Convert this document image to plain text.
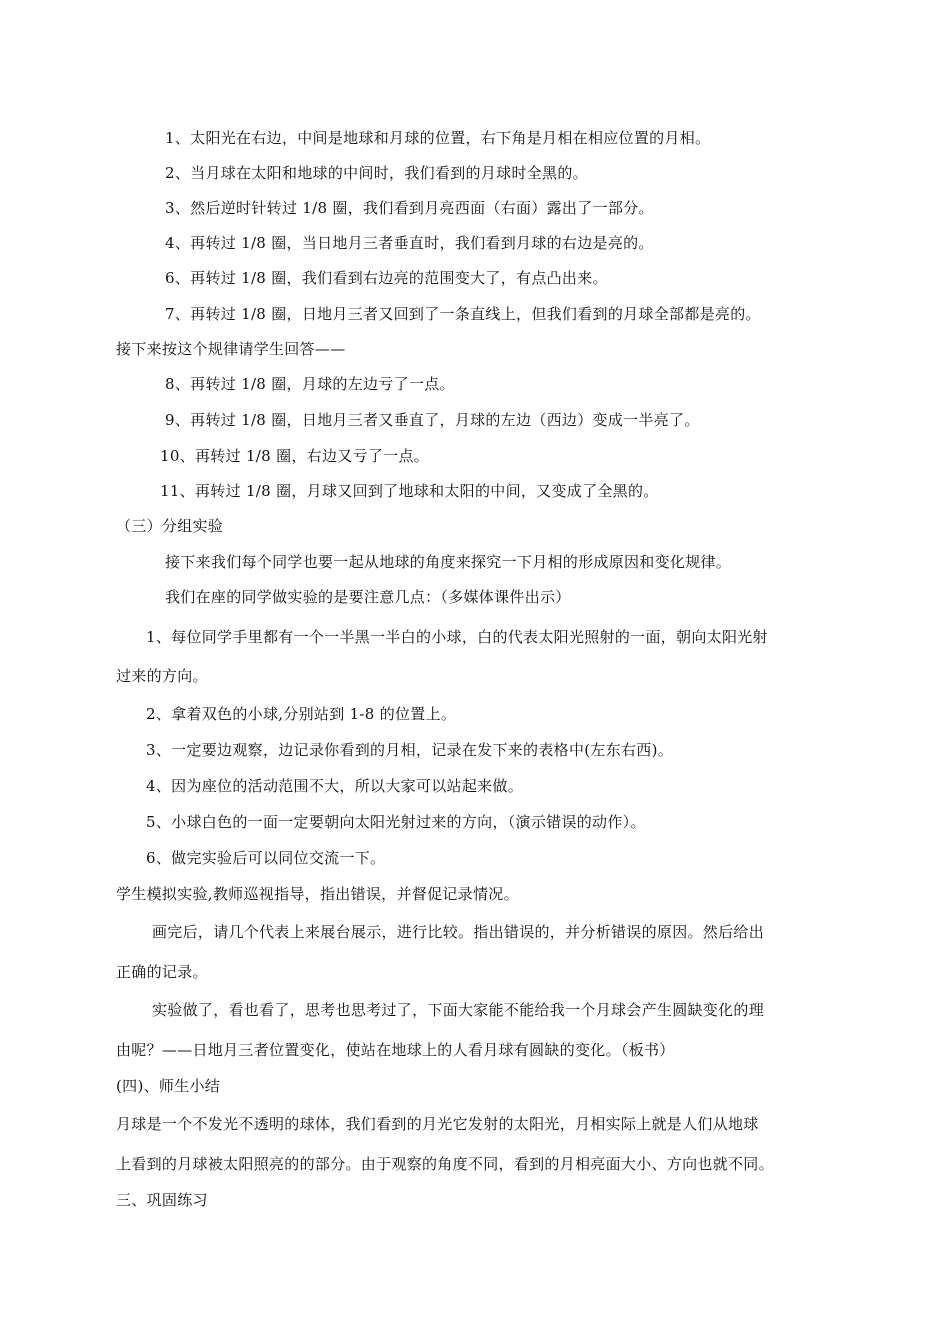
1、太阳光在右边，中间是地球和月球的位置，右下角是月相在相应位置的月相。
2、当月球在太阳和地球的中间时，我们看到的月球时全黑的。
3、然后逆时针转过 1/8 圈，我们看到月亮西面（右面）露出了一部分。
4、再转过 1/8 圈，当日地月三者垂直时，我们看到月球的右边是亮的。
6、再转过 1/8 圈，我们看到右边亮的范围变大了，有点凸出来。
7、再转过 1/8 圈，日地月三者又回到了一条直线上，但我们看到的月球全部都是亮的。
接下来按这个规律请学生回答——
8、再转过 1/8 圈，月球的左边亏了一点。
9、再转过 1/8 圈，日地月三者又垂直了，月球的左边（西边）变成一半亮了。
10、再转过 1/8 圈，右边又亏了一点。
11、再转过 1/8 圈，月球又回到了地球和太阳的中间，又变成了全黑的。
（三）分组实验
接下来我们每个同学也要一起从地球的角度来探究一下月相的形成原因和变化规律。
我们在座的同学做实验的是要注意几点：（多媒体课件出示）
1、每位同学手里都有一个一半黑一半白的小球，白的代表太阳光照射的一面，朝向太阳光射
过来的方向。
2、拿着双色的小球,分别站到 1-8 的位置上。
3、一定要边观察，边记录你看到的月相，记录在发下来的表格中(左东右西)。
4、因为座位的活动范围不大，所以大家可以站起来做。
5、小球白色的一面一定要朝向太阳光射过来的方向，（演示错误的动作）。
6、做完实验后可以同位交流一下。
学生模拟实验,教师巡视指导，指出错误，并督促记录情况。
画完后，请几个代表上来展台展示，进行比较。指出错误的，并分析错误的原因。然后给出
正确的记录。
实验做了，看也看了，思考也思考过了，下面大家能不能给我一个月球会产生圆缺变化的理
由呢？——日地月三者位置变化，使站在地球上的人看月球有圆缺的变化。（板书）
(四)、师生小结
月球是一个不发光不透明的球体，我们看到的月光它发射的太阳光，月相实际上就是人们从地球
上看到的月球被太阳照亮的的部分。由于观察的角度不同，看到的月相亮面大小、方向也就不同。
三、巩固练习
